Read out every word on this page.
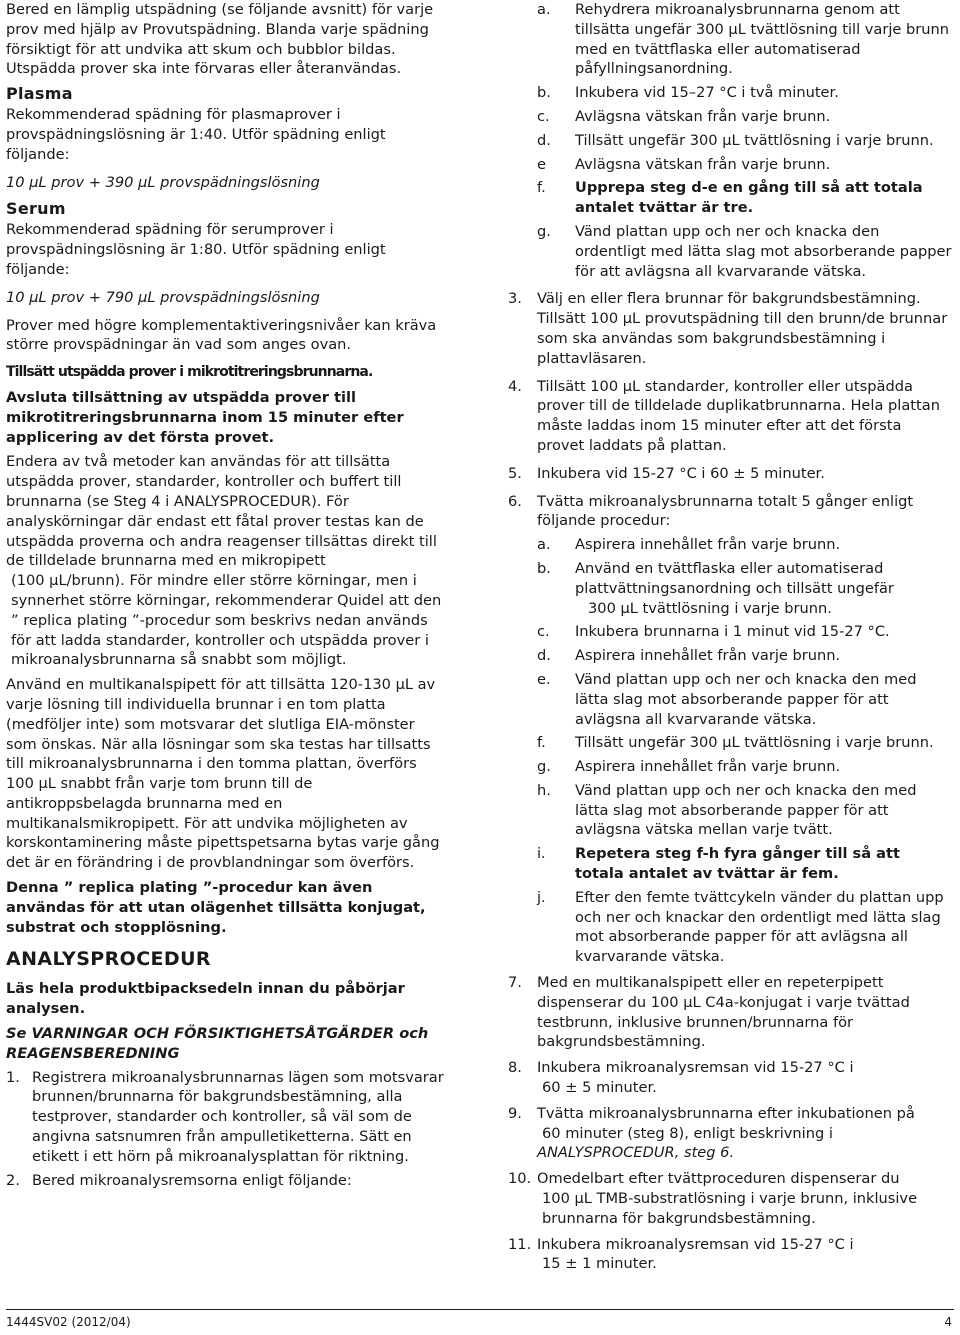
Bered en lämplig utspädning (se följande avsnitt) för varje prov med hjälp av Provutspädning. Blanda varje spädning försiktigt för att undvika att skum och bubblor bildas. Utspädda prover ska inte förvaras eller återanvändas.

Plasma

Rekommenderad spädning för plasmaprover i provspädningslösning är 1:40. Utför spädning enligt följande:

10 µL prov + 390 µL provspädningslösning

Serum

Rekommenderad spädning för serumprover i provspädningslösning är 1:80. Utför spädning enligt följande:

10 µL prov + 790 µL provspädningslösning

Prover med högre komplementaktiveringsnivåer kan kräva större provspädningar än vad som anges ovan.

Tillsätt utspädda prover i mikrotitreringsbrunnarna.

Avsluta tillsättning av utspädda prover till mikrotitreringsbrunnarna inom 15 minuter efter applicering av det första provet.

Endera av två metoder kan användas för att tillsätta utspädda prover, standarder, kontroller och buffert till brunnarna (se Steg 4 i ANALYSPROCEDUR). För analyskörningar där endast ett fåtal prover testas kan de utspädda proverna och andra reagenser tillsättas direkt till de tilldelade brunnarna med en mikropipett

(100 µL/brunn). För mindre eller större körningar, men i synnerhet större körningar, rekommenderar Quidel att den ” replica plating ”-procedur som beskrivs nedan används för att ladda standarder, kontroller och utspädda prover i mikroanalysbrunnarna så snabbt som möjligt.

Använd en multikanalspipett för att tillsätta 120-130 µL av varje lösning till individuella brunnar i en tom platta (medföljer inte) som motsvarar det slutliga EIA-mönster som önskas. När alla lösningar som ska testas har tillsatts till mikroanalysbrunnarna i den tomma plattan, överförs 100 µL snabbt från varje tom brunn till de antikroppsbelagda brunnarna med en multikanalsmikropipett. För att undvika möjligheten av korskontaminering måste pipettspetsarna bytas varje gång det är en förändring i de provblandningar som överförs.

Denna ” replica plating ”-procedur kan även användas för att utan olägenhet tillsätta konjugat, substrat och stopplösning.

ANALYSPROCEDUR

Läs hela produktbipacksedeln innan du påbörjar analysen.

Se VARNINGAR OCH FÖRSIKTIGHETSÅTGÄRDER och REAGENSBEREDNING

1. Registrera mikroanalysbrunnarnas lägen som motsvarar brunnen/brunnarna för bakgrundsbestämning, alla testprover, standarder och kontroller, så väl som de angivna satsnumren från ampulletiketterna. Sätt en etikett i ett hörn på mikroanalysplattan för riktning.
2. Bered mikroanalysremsorna enligt följande:
a. Rehydrera mikroanalysbrunnarna genom att tillsätta ungefär 300 µL tvättlösning till varje brunn med en tvättflaska eller automatiserad påfyllningsanordning.
b. Inkubera vid 15–27 °C i två minuter.
c. Avlägsna vätskan från varje brunn.
d. Tillsätt ungefär 300 µL tvättlösning i varje brunn.
e Avlägsna vätskan från varje brunn.
f. Upprepa steg d-e en gång till så att totala antalet tvättar är tre.
g. Vänd plattan upp och ner och knacka den ordentligt med lätta slag mot absorberande papper för att avlägsna all kvarvarande vätska.
3. Välj en eller flera brunnar för bakgrundsbestämning. Tillsätt 100 µL provutspädning till den brunn/de brunnar som ska användas som bakgrundsbestämning i plattavläsaren.
4. Tillsätt 100 µL standarder, kontroller eller utspädda prover till de tilldelade duplikatbrunnarna. Hela plattan måste laddas inom 15 minuter efter att det första provet laddats på plattan.
5. Inkubera vid 15-27 °C i 60 ± 5 minuter.
6. Tvätta mikroanalysbrunnarna totalt 5 gånger enligt följande procedur:
a. Aspirera innehållet från varje brunn.
b. Använd en tvättflaska eller automatiserad plattvättningsanordning och tillsätt ungefär
300 µL tvättlösning i varje brunn.
c. Inkubera brunnarna i 1 minut vid 15-27 °C.
d. Aspirera innehållet från varje brunn.
e. Vänd plattan upp och ner och knacka den med lätta slag mot absorberande papper för att avlägsna all kvarvarande vätska.
f. Tillsätt ungefär 300 µL tvättlösning i varje brunn.
g. Aspirera innehållet från varje brunn.
h. Vänd plattan upp och ner och knacka den med lätta slag mot absorberande papper för att avlägsna vätska mellan varje tvätt.
i. Repetera steg f-h fyra gånger till så att totala antalet av tvättar är fem.
j. Efter den femte tvättcykeln vänder du plattan upp och ner och knackar den ordentligt med lätta slag mot absorberande papper för att avlägsna all kvarvarande vätska.
7. Med en multikanalspipett eller en repeterpipett dispenserar du 100 µL C4a-konjugat i varje tvättad testbrunn, inklusive brunnen/brunnarna för bakgrundsbestämning.
8. Inkubera mikroanalysremsan vid 15-27 °C i
60 ± 5 minuter.
9. Tvätta mikroanalysbrunnarna efter inkubationen på
60 minuter (steg 8), enligt beskrivning i
ANALYSPROCEDUR, steg 6.
10. Omedelbart efter tvättproceduren dispenserar du
100 µL TMB-substratlösning i varje brunn, inklusive brunnarna för bakgrundsbestämning.
11. Inkubera mikroanalysremsan vid 15-27 °C i
15 ± 1 minuter.
1444SV02 (2012/04)	4
